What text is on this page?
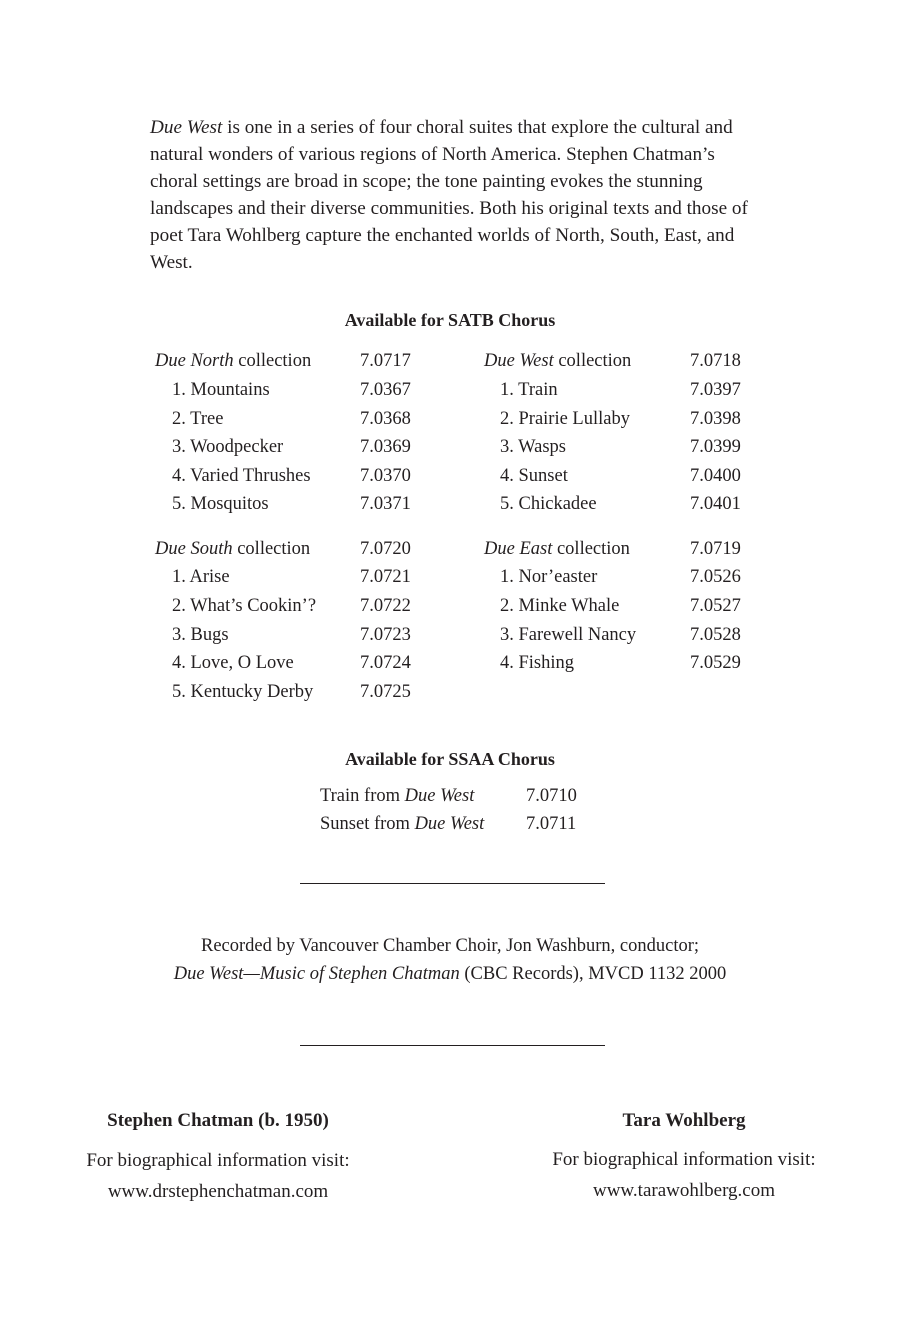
Due West is one in a series of four choral suites that explore the cultural and natural wonders of various regions of North America. Stephen Chatman’s choral settings are broad in scope; the tone painting evokes the stunning landscapes and their diverse communities. Both his original texts and those of poet Tara Wohlberg capture the enchanted worlds of North, South, East, and West.

Available for SATB Chorus

Due North collection	7.0717
1. Mountains	7.0367
2. Tree	7.0368
3. Woodpecker	7.0369
4. Varied Thrushes	7.0370
5. Mosquitos	7.0371
Due West collection	7.0718
1. Train	7.0397
2. Prairie Lullaby	7.0398
3. Wasps	7.0399
4. Sunset	7.0400
5. Chickadee	7.0401
Due South collection	7.0720
1. Arise	7.0721
2. What’s Cookin’? 7.0722
3. Bugs	7.0723
4. Love, O Love	7.0724
5. Kentucky Derby	7.0725
Due East collection	7.0719
1. Nor’easter	7.0526
2. Minke Whale	7.0527
3. Farewell Nancy	7.0528
4. Fishing	7.0529

Available for SSAA Chorus

Train from Due West	7.0710
Sunset from Due West 7.0711
Recorded by Vancouver Chamber Choir, Jon Washburn, conductor;
Due West—Music of Stephen Chatman (CBC Records), MVCD 1132 2000
Stephen Chatman (b. 1950)
For biographical information visit:
www.drstephenchatman.com
Tara Wohlberg
For biographical information visit:
www.tarawohlberg.com
